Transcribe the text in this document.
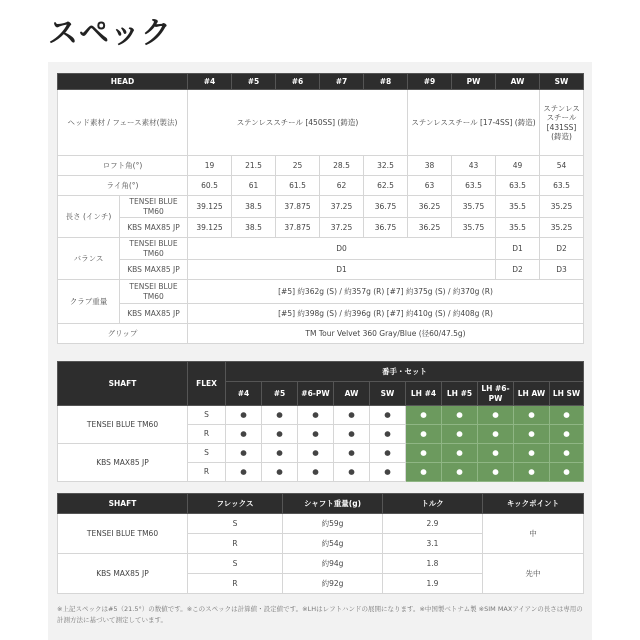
スペック
HEAD		#4	#5	#6	#7	#8	#9	PW	AW	SW
ヘッド素材 / フェース素材(製法)		ステンレススチール [450SS] (鋳造)					ステンレススチール [17-4SS] (鋳造)			ステンレススチール [431SS] (鋳造)
ロフト角(°)		19	21.5	25	28.5	32.5	38	43	49	54
ライ角(°)		60.5	61	61.5	62	62.5	63	63.5	63.5	63.5
長さ (インチ)	TENSEI BLUE TM60	39.125	38.5	37.875	37.25	36.75	36.25	35.75	35.5	35.25
	KBS MAX85 JP	39.125	38.5	37.875	37.25	36.75	36.25	35.75	35.5	35.25
バランス	TENSEI BLUE TM60	D0							D1	D2
	KBS MAX85 JP	D1							D2	D3
クラブ重量	TENSEI BLUE TM60	[#5] 約362g (S) / 約357g (R) [#7] 約375g (S) / 約370g (R)								
	KBS MAX85 JP	[#5] 約398g (S) / 約396g (R) [#7] 約410g (S) / 約408g (R)								
グリップ		TM Tour Velvet 360 Gray/Blue (径60/47.5g)								
SHAFT	FLEX	番手・セット									
		#4	#5	#6-PW	AW	SW	LH #4	LH #5	LH #6-PW	LH AW	LH SW
TENSEI BLUE TM60	S	●	●	●	●	●	●	●	●	●	●
	R	●	●	●	●	●	●	●	●	●	●
KBS MAX85 JP	S	●	●	●	●	●	●	●	●	●	●
	R	●	●	●	●	●	●	●	●	●	●
SHAFT	フレックス	シャフト重量(g)	トルク	キックポイント
TENSEI BLUE TM60	S	約59g	2.9	中
	R	約54g	3.1	
KBS MAX85 JP	S	約94g	1.8	先中
	R	約92g	1.9	
※上記スペックは#5（21.5°）の数値です。※このスペックは計算値・設定値です。※LHはレフトハンドの展開になります。※中国製ベトナム製 ※SIM MAXアイアンの長さは専用の計測方法に基づいて測定しています。
